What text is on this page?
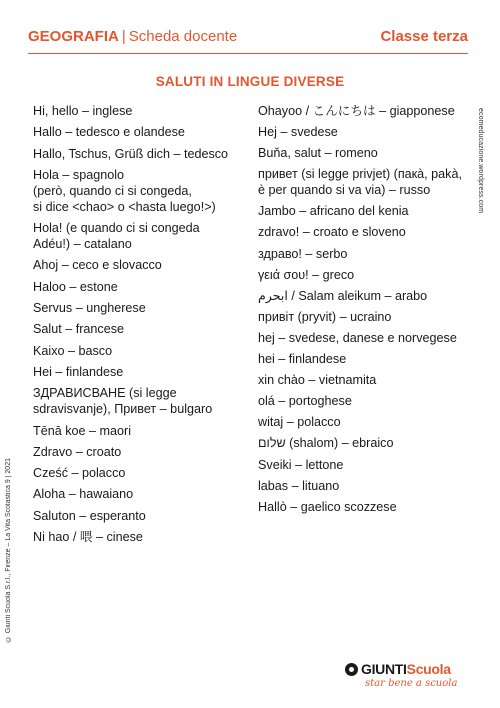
GEOGRAFIA | Scheda docente	Classe terza
SALUTI IN LINGUE DIVERSE
Hi, hello – inglese
Hallo – tedesco e olandese
Hallo, Tschus, Grüß dich – tedesco
Hola – spagnolo
(però, quando ci si congeda,
si dice <chao> o <hasta luego!>)
Hola! (e quando ci si congeda
Adéu!) – catalano
Ahoj – ceco e slovacco
Haloo – estone
Servus – ungherese
Salut – francese
Kaixo – basco
Hei – finlandese
ЗДРАВИСВАНЕ (si legge
sdravisvanje), Привет – bulgaro
Tēnā koe – maori
Zdravo – croato
Cześć – polacco
Aloha – hawaiano
Saluton – esperanto
Ni hao / 喂 – cinese
Ohayoo / こんにちは – giapponese
Hej – svedese
Buňa, salut – romeno
привет (si legge privjet) (пакà, pakà,
è per quando si va via) – russo
Jambo – africano del kenia
zdravo! – croato e sloveno
здраво! – serbo
γειά σου! – greco
ابحرم / Salam aleikum – arabo
привіт (pryvit) – ucraino
hej – svedese, danese e norvegese
hei – finlandese
xin chào – vietnamita
olá – portoghese
witaj – polacco
שלום (shalom) – ebraico
Sveiki – lettone
labas – lituano
Hallò – gaelico scozzese
ecomeducazione.wordpress.com
© Giunti Scuola S.r.l., Firenze – La Vita Scolastica 9 | 2021
GIUNTIScuola
star bene a scuola
